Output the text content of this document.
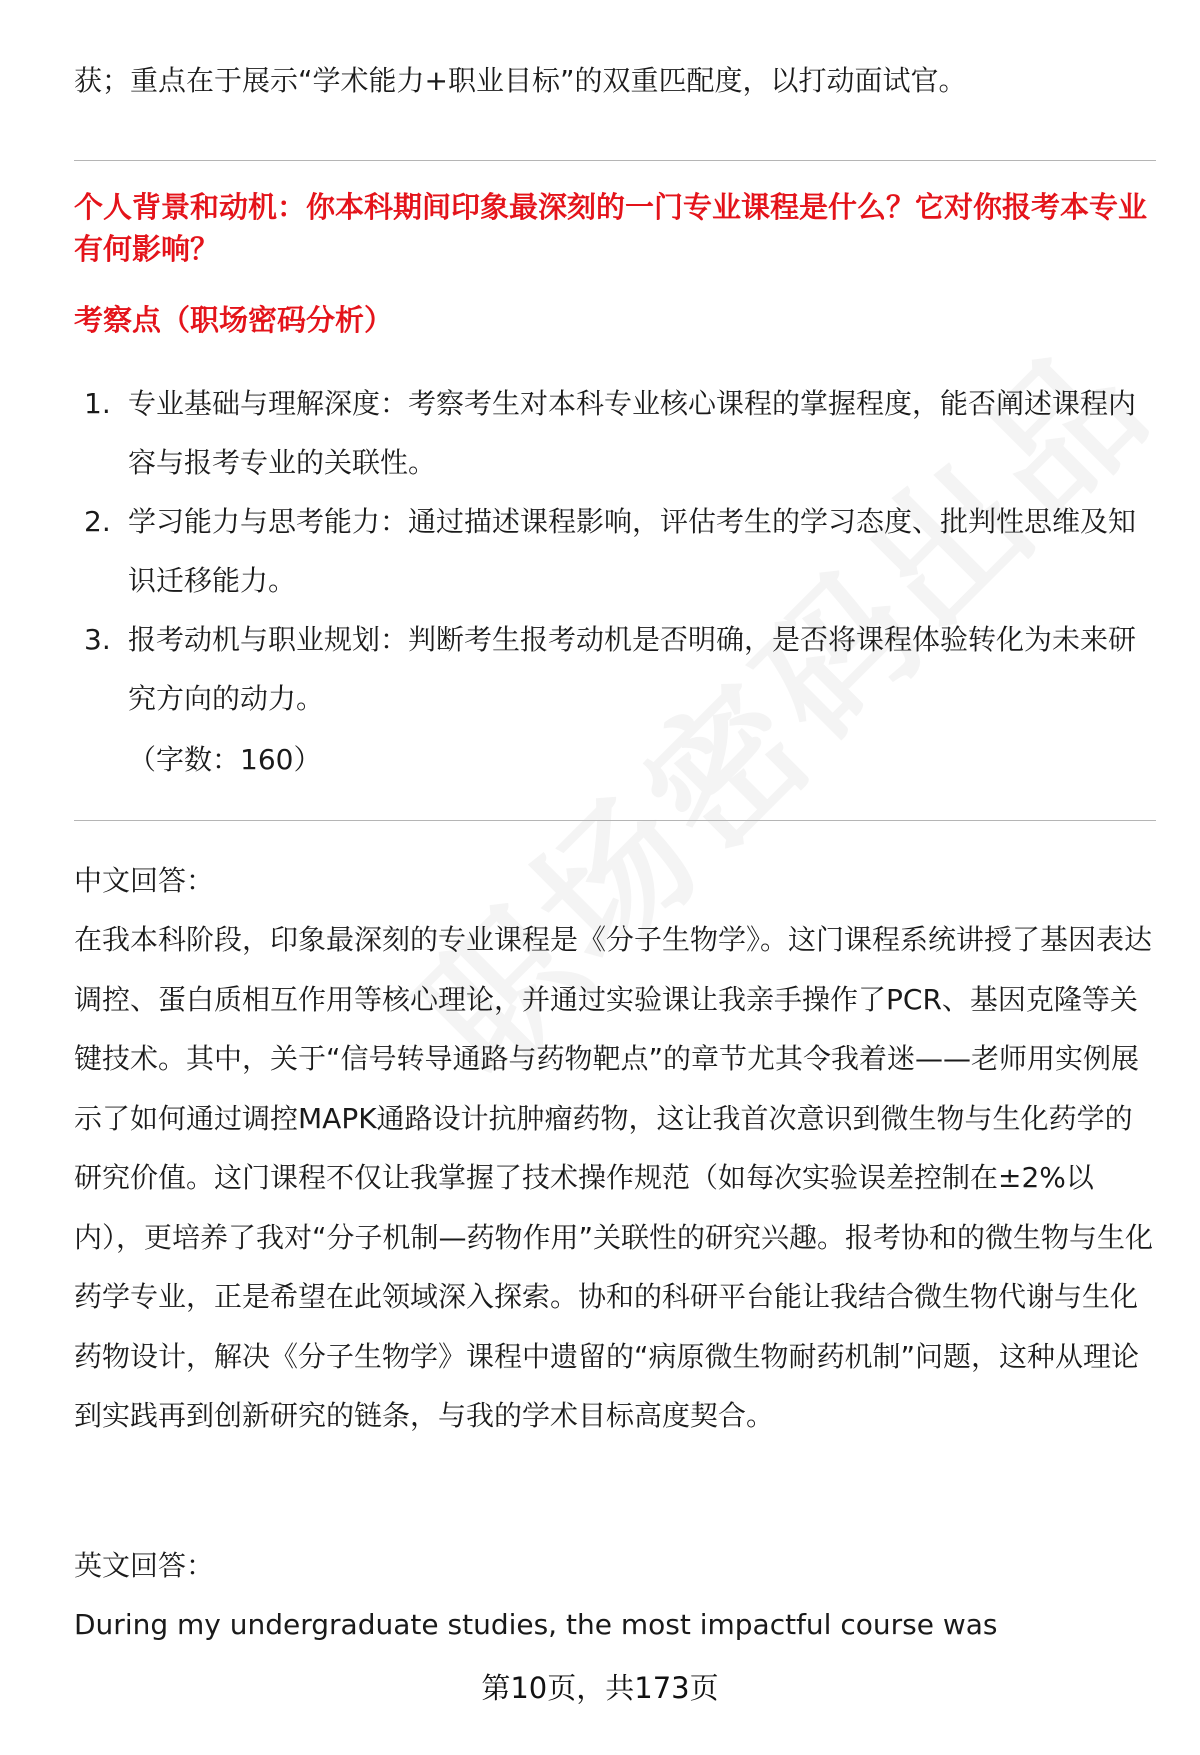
获；重点在于展示“学术能力+职业目标”的双重匹配度，以打动面试官。

个人背景和动机：你本科期间印象最深刻的一门专业课程是什么？它对你报考本专业有何影响？

考察点（职场密码分析）

1. 专业基础与理解深度：考察考生对本科专业核心课程的掌握程度，能否阐述课程内容与报考专业的关联性。
2. 学习能力与思考能力：通过描述课程影响，评估考生的学习态度、批判性思维及知识迁移能力。
3. 报考动机与职业规划：判断考生报考动机是否明确，是否将课程体验转化为未来研究方向的动力。

（字数：160）

中文回答：

在我本科阶段，印象最深刻的专业课程是《分子生物学》。这门课程系统讲授了基因表达调控、蛋白质相互作用等核心理论，并通过实验课让我亲手操作了PCR、基因克隆等关键技术。其中，关于“信号转导通路与药物靶点”的章节尤其令我着迷——老师用实例展示了如何通过调控MAPK通路设计抗肿瘤药物，这让我首次意识到微生物与生化药学的研究价值。这门课程不仅让我掌握了技术操作规范（如每次实验误差控制在±2%以内），更培养了我对“分子机制—药物作用”关联性的研究兴趣。报考协和的微生物与生化药学专业，正是希望在此领域深入探索。协和的科研平台能让我结合微生物代谢与生化药物设计，解决《分子生物学》课程中遗留的“病原微生物耐药机制”问题，这种从理论到实践再到创新研究的链条，与我的学术目标高度契合。

英文回答：

During my undergraduate studies, the most impactful course was

第10页，共173页
